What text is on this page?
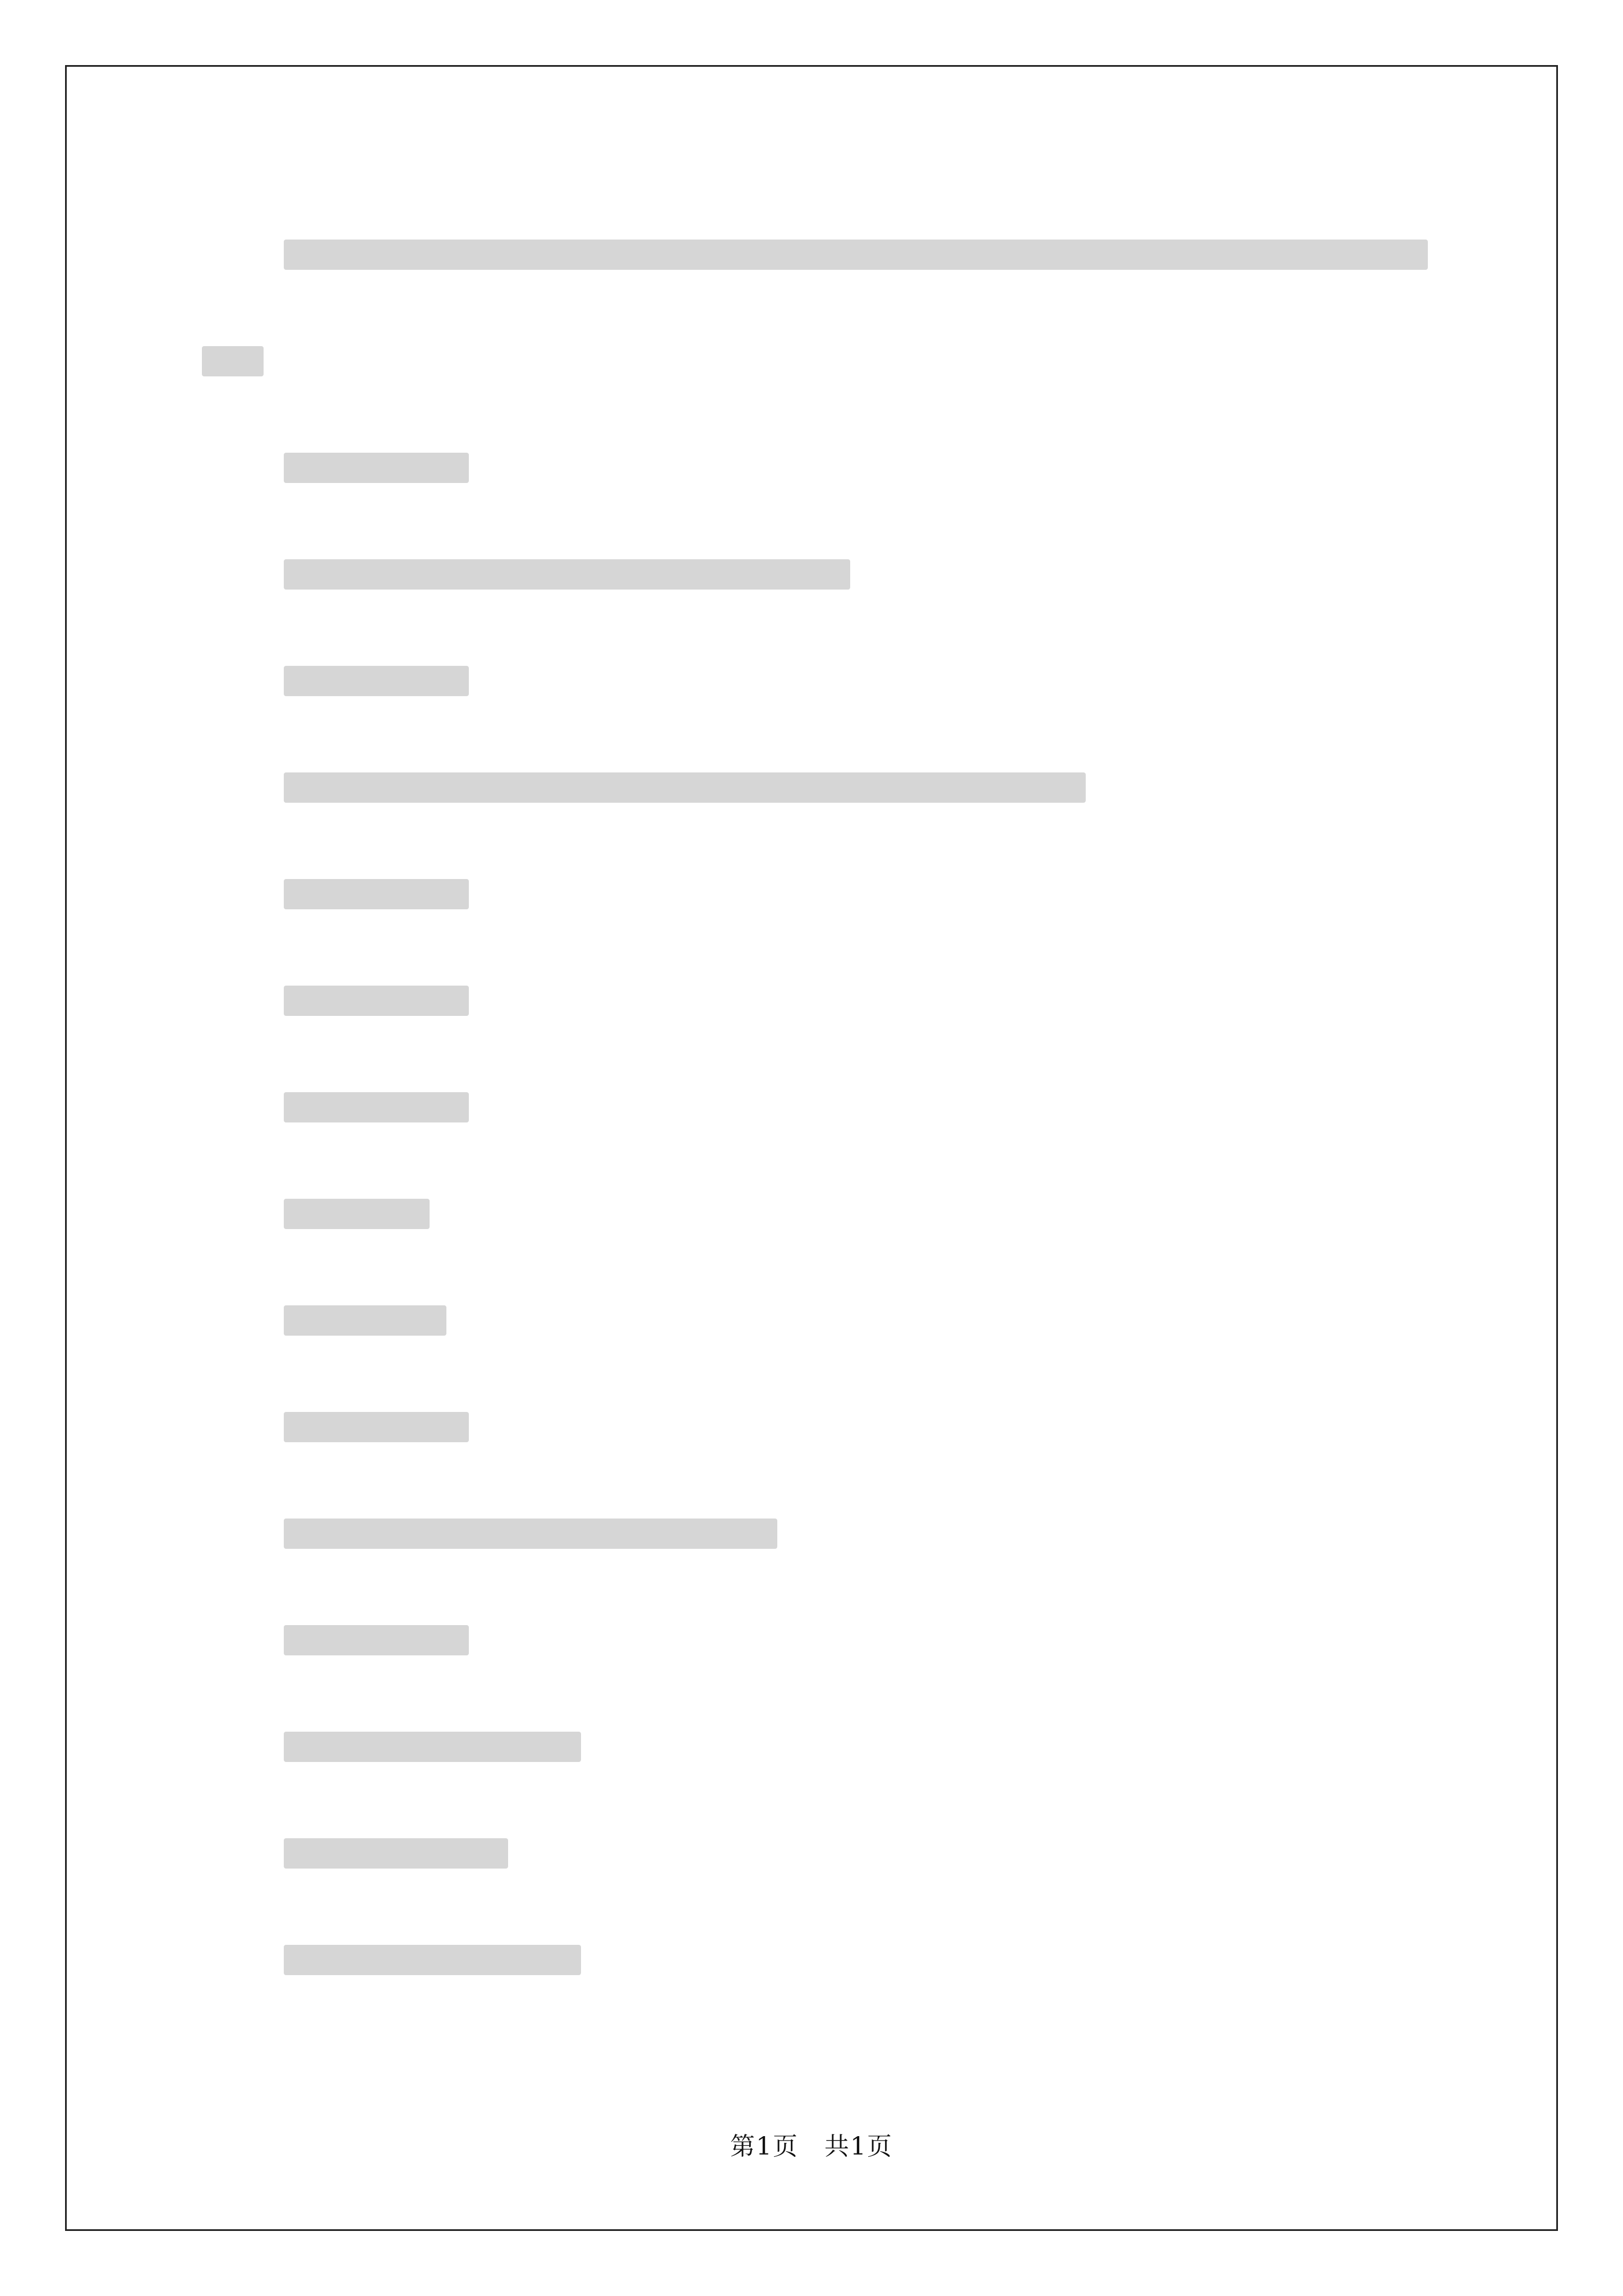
第1页　共1页
